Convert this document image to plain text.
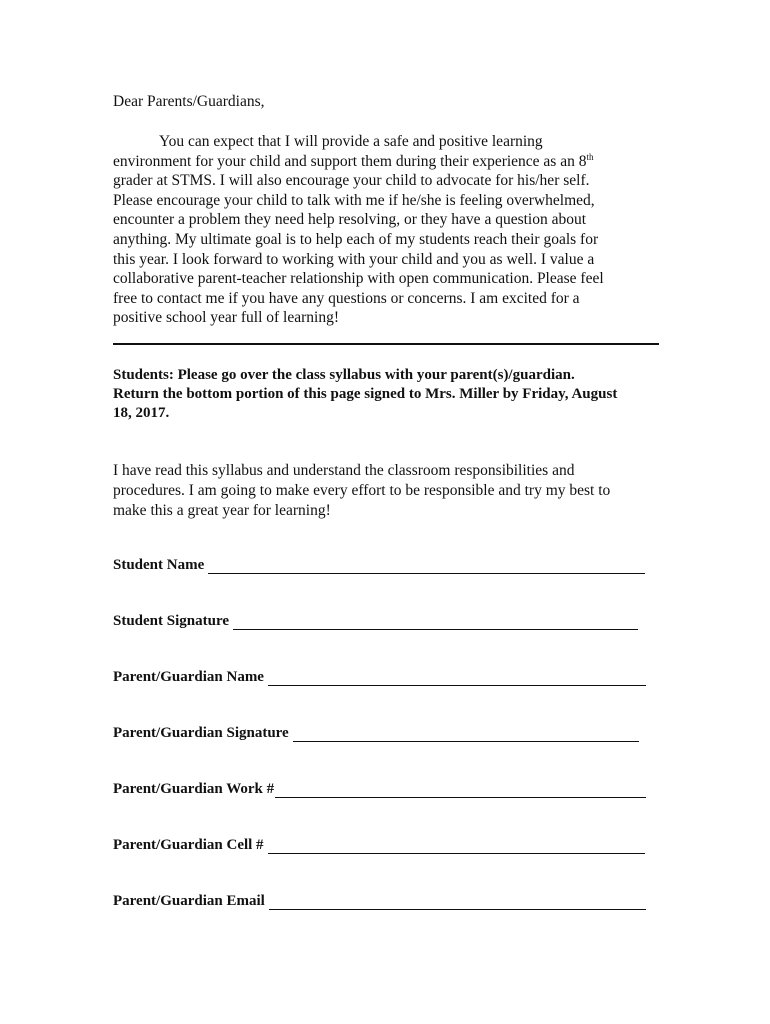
Dear Parents/Guardians,

You can expect that I will provide a safe and positive learning
environment for your child and support them during their experience as an 8th
grader at STMS. I will also encourage your child to advocate for his/her self.
Please encourage your child to talk with me if he/she is feeling overwhelmed,
encounter a problem they need help resolving, or they have a question about
anything. My ultimate goal is to help each of my students reach their goals for
this year. I look forward to working with your child and you as well. I value a
collaborative parent-teacher relationship with open communication. Please feel
free to contact me if you have any questions or concerns. I am excited for a
positive school year full of learning!
Students: Please go over the class syllabus with your parent(s)/guardian.
Return the bottom portion of this page signed to Mrs. Miller by Friday, August
18, 2017.
I have read this syllabus and understand the classroom responsibilities and
procedures. I am going to make every effort to be responsible and try my best to
make this a great year for learning!
Student Name
Student Signature
Parent/Guardian Name
Parent/Guardian Signature
Parent/Guardian Work #
Parent/Guardian Cell #
Parent/Guardian Email
